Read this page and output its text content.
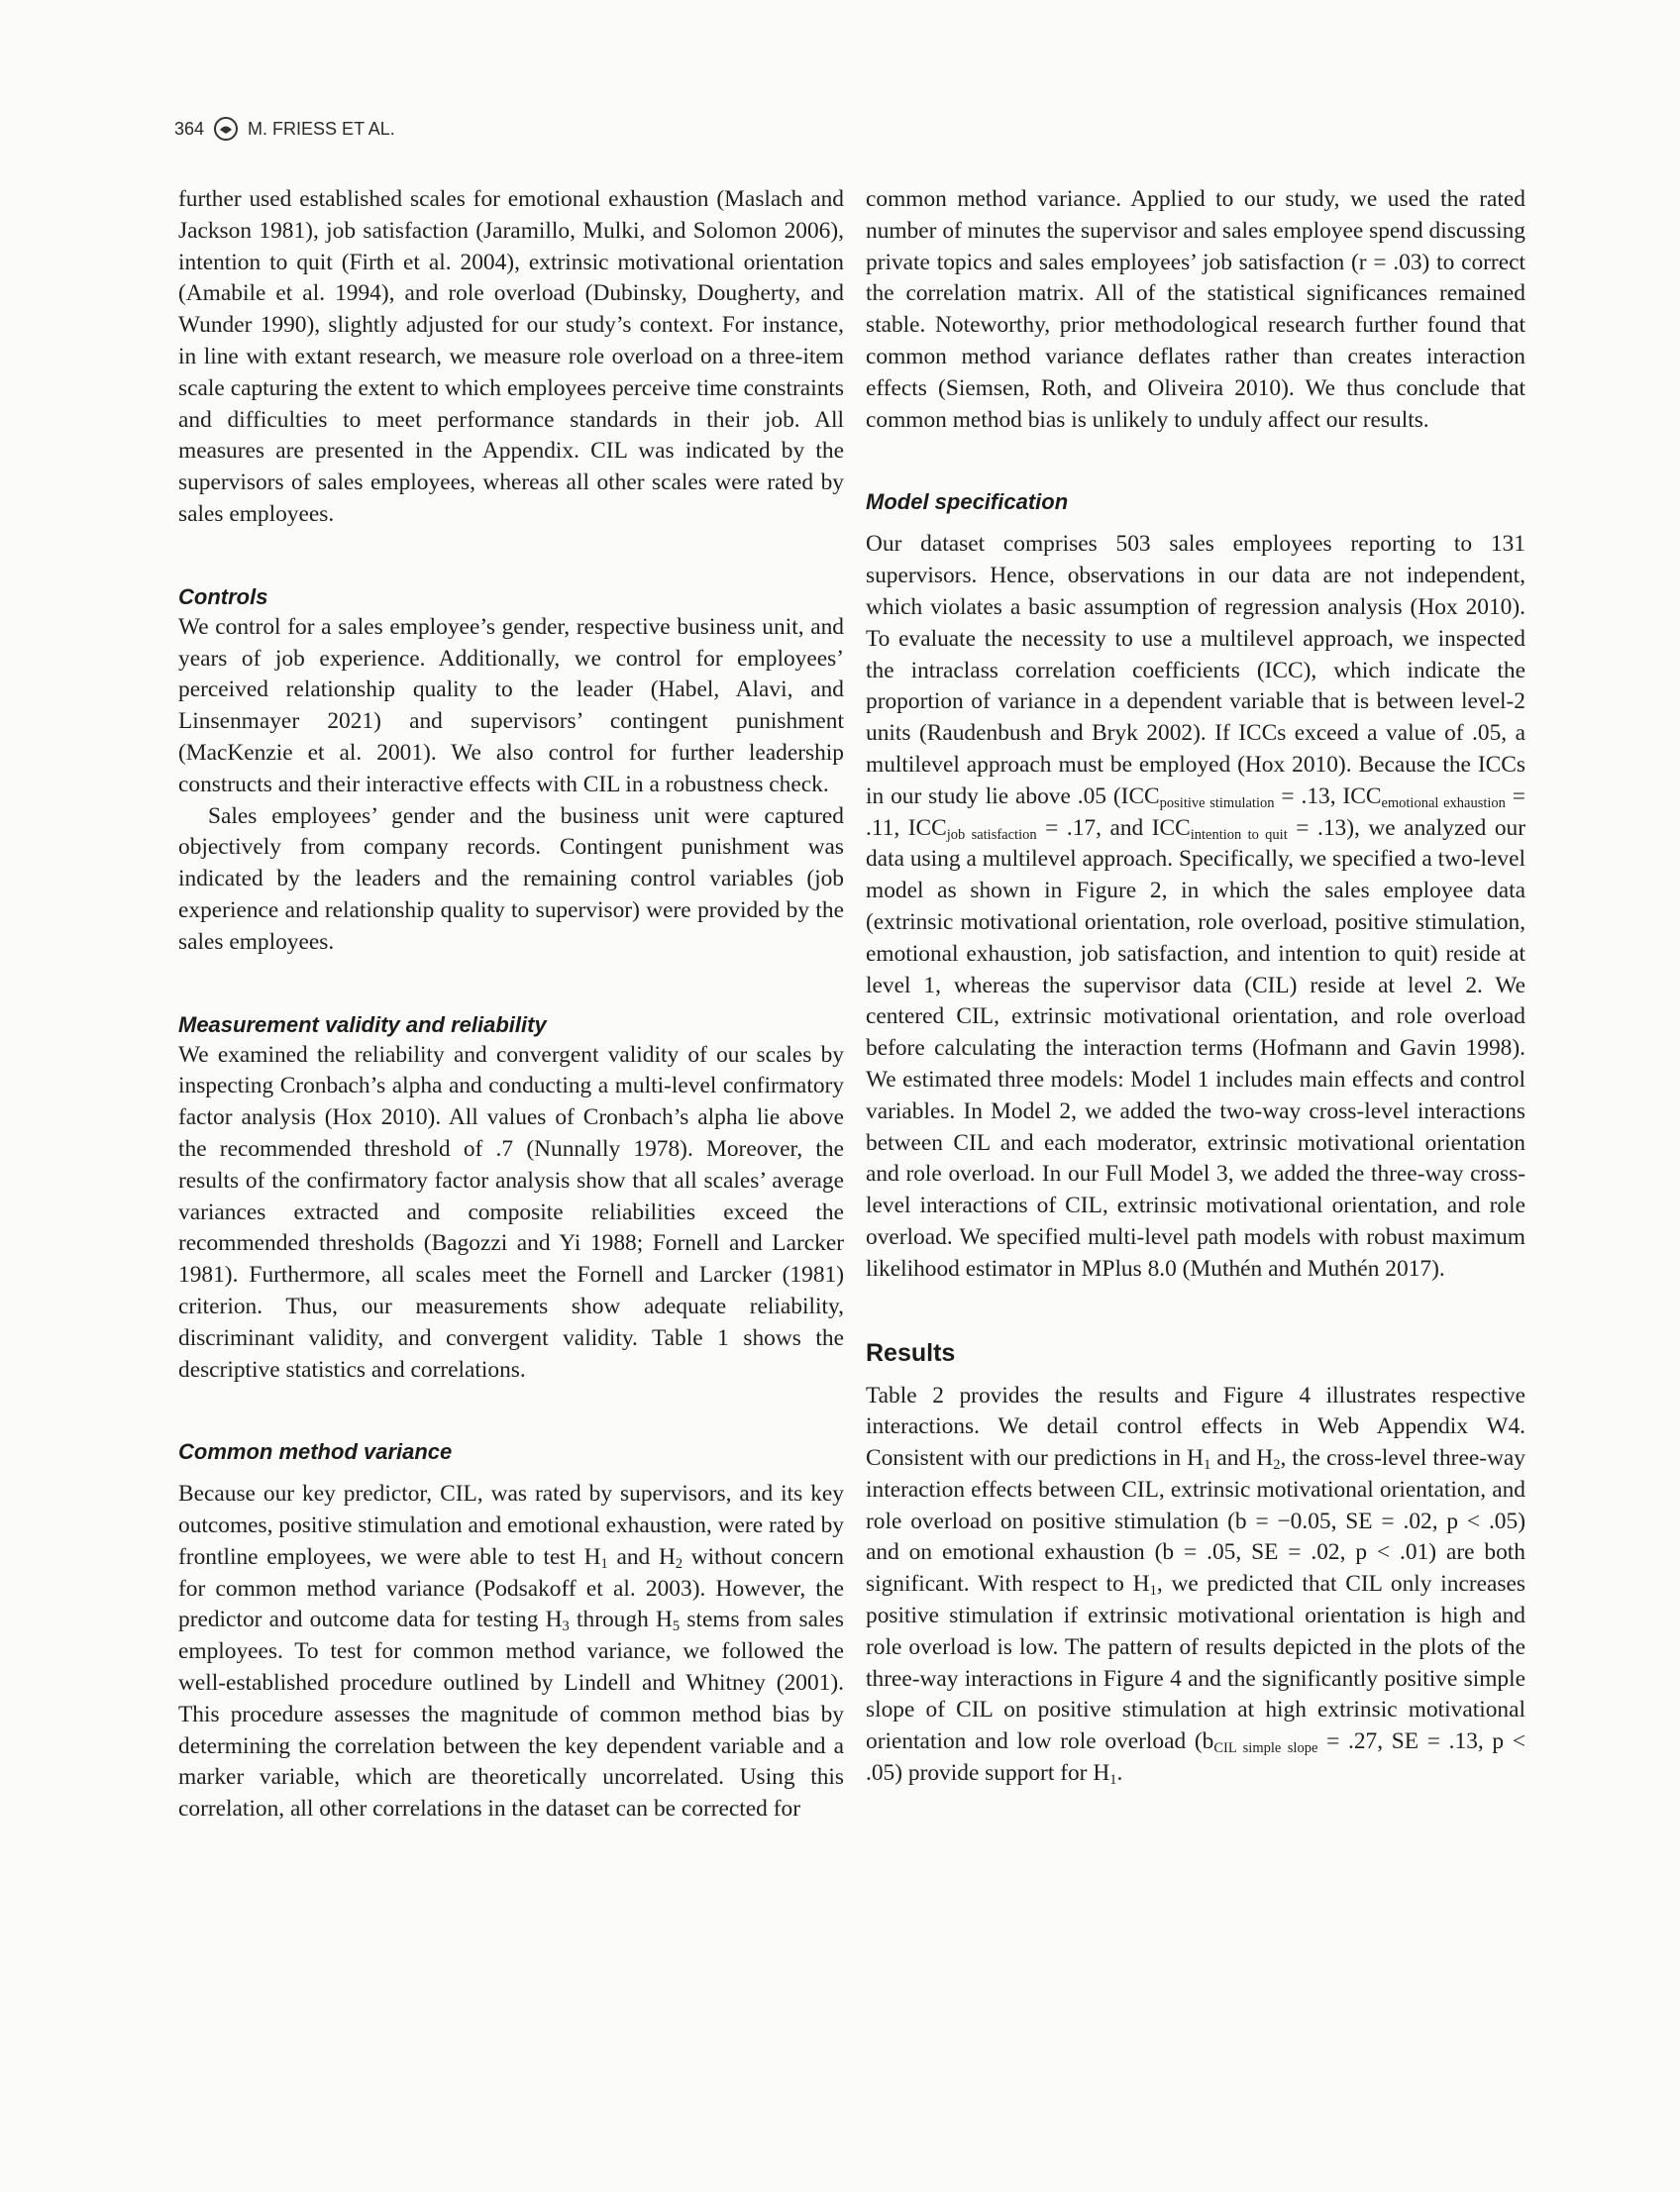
364 M. FRIESS ET AL.

further used established scales for emotional exhaustion (Maslach and Jackson 1981), job satisfaction (Jaramillo, Mulki, and Solomon 2006), intention to quit (Firth et al. 2004), extrinsic motivational orientation (Amabile et al. 1994), and role overload (Dubinsky, Dougherty, and Wunder 1990), slightly adjusted for our study’s context. For instance, in line with extant research, we measure role overload on a three-item scale capturing the extent to which employees perceive time constraints and difficulties to meet performance standards in their job. All measures are presented in the Appendix. CIL was indicated by the supervisors of sales employees, whereas all other scales were rated by sales employees.

Controls

We control for a sales employee’s gender, respective business unit, and years of job experience. Additionally, we control for employees’ perceived relationship quality to the leader (Habel, Alavi, and Linsenmayer 2021) and supervisors’ contingent punishment (MacKenzie et al. 2001). We also control for further leadership constructs and their interactive effects with CIL in a robustness check.

Sales employees’ gender and the business unit were captured objectively from company records. Contingent punishment was indicated by the leaders and the remaining control variables (job experience and relationship quality to supervisor) were provided by the sales employees.

Measurement validity and reliability

We examined the reliability and convergent validity of our scales by inspecting Cronbach’s alpha and conducting a multi-level confirmatory factor analysis (Hox 2010). All values of Cronbach’s alpha lie above the recommended threshold of .7 (Nunnally 1978). Moreover, the results of the confirmatory factor analysis show that all scales’ average variances extracted and composite reliabilities exceed the recommended thresholds (Bagozzi and Yi 1988; Fornell and Larcker 1981). Furthermore, all scales meet the Fornell and Larcker (1981) criterion. Thus, our measurements show adequate reliability, discriminant validity, and convergent validity. Table 1 shows the descriptive statistics and correlations.

Common method variance

Because our key predictor, CIL, was rated by supervisors, and its key outcomes, positive stimulation and emotional exhaustion, were rated by frontline employees, we were able to test $H_1$ and $H_2$ without concern for common method variance (Podsakoff et al. 2003). However, the predictor and outcome data for testing $H_3$ through $H_5$ stems from sales employees. To test for common method variance, we followed the well-established procedure outlined by Lindell and Whitney (2001). This procedure assesses the magnitude of common method bias by determining the correlation between the key dependent variable and a marker variable, which are theoretically uncorrelated. Using this correlation, all other correlations in the dataset can be corrected for

common method variance. Applied to our study, we used the rated number of minutes the supervisor and sales employee spend discussing private topics and sales employees’ job satisfaction (r = .03) to correct the correlation matrix. All of the statistical significances remained stable. Noteworthy, prior methodological research further found that common method variance deflates rather than creates interaction effects (Siemsen, Roth, and Oliveira 2010). We thus conclude that common method bias is unlikely to unduly affect our results.

Model specification

Our dataset comprises 503 sales employees reporting to 131 supervisors. Hence, observations in our data are not independent, which violates a basic assumption of regression analysis (Hox 2010). To evaluate the necessity to use a multilevel approach, we inspected the intraclass correlation coefficients (ICC), which indicate the proportion of variance in a dependent variable that is between level-2 units (Raudenbush and Bryk 2002). If ICCs exceed a value of .05, a multilevel approach must be employed (Hox 2010). Because the ICCs in our study lie above .05 ($ICC_{positive stimulation} = .13$, $ICC_{emotional exhaustion} = .11$, $ICC_{job satisfaction} = .17$, and $ICC_{intention to quit} = .13$), we analyzed our data using a multilevel approach. Specifically, we specified a two-level model as shown in Figure 2, in which the sales employee data (extrinsic motivational orientation, role overload, positive stimulation, emotional exhaustion, job satisfaction, and intention to quit) reside at level 1, whereas the supervisor data (CIL) reside at level 2. We centered CIL, extrinsic motivational orientation, and role overload before calculating the interaction terms (Hofmann and Gavin 1998). We estimated three models: Model 1 includes main effects and control variables. In Model 2, we added the two-way cross-level interactions between CIL and each moderator, extrinsic motivational orientation and role overload. In our Full Model 3, we added the three-way cross-level interactions of CIL, extrinsic motivational orientation, and role overload. We specified multi-level path models with robust maximum likelihood estimator in MPlus 8.0 (Muthén and Muthén 2017).

Results

Table 2 provides the results and Figure 4 illustrates respective interactions. We detail control effects in Web Appendix W4. Consistent with our predictions in $H_1$ and $H_2$, the cross-level three-way interaction effects between CIL, extrinsic motivational orientation, and role overload on positive stimulation (b = −0.05, SE = .02, p < .05) and on emotional exhaustion (b = .05, SE = .02, p < .01) are both significant. With respect to $H_1$, we predicted that CIL only increases positive stimulation if extrinsic motivational orientation is high and role overload is low. The pattern of results depicted in the plots of the three-way interactions in Figure 4 and the significantly positive simple slope of CIL on positive stimulation at high extrinsic motivational orientation and low role overload ($b_{CIL simple slope} = .27$, SE = .13, p < .05) provide support for $H_1$.
